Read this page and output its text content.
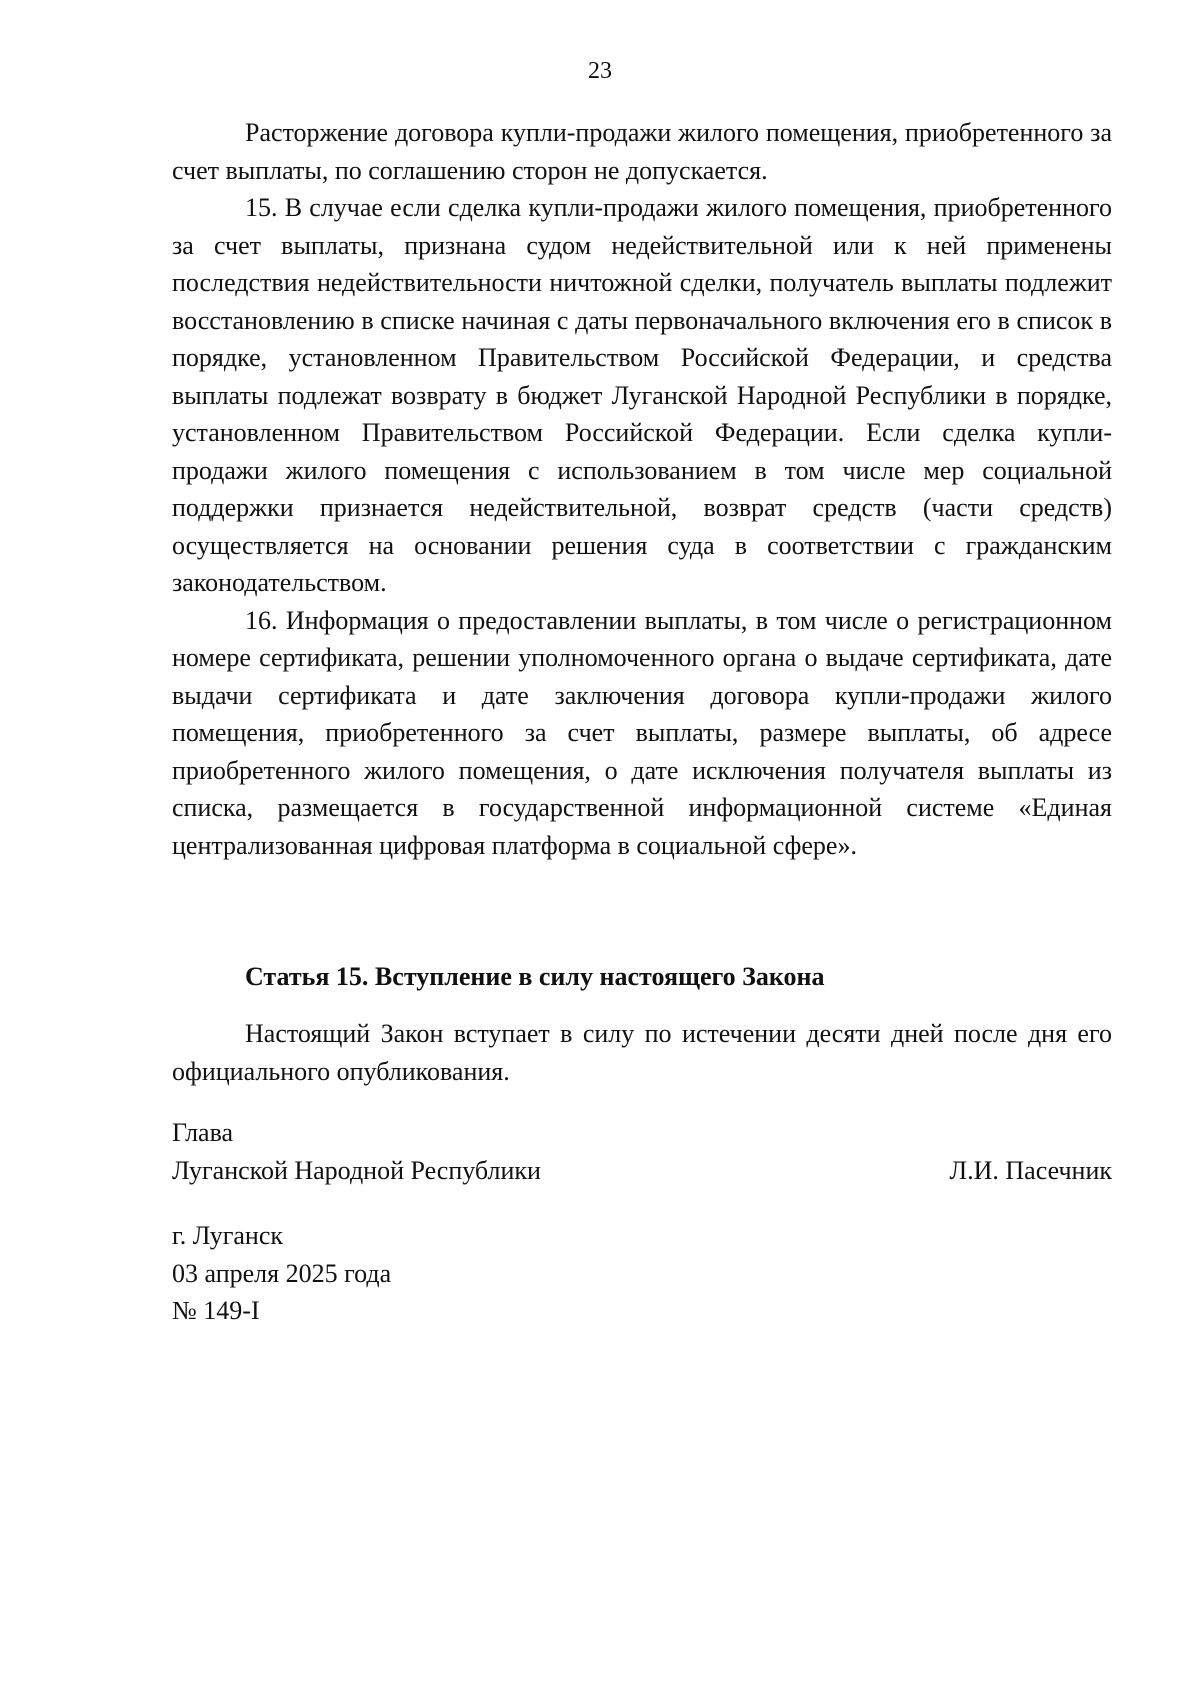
23

Расторжение договора купли-продажи жилого помещения, приобретенного за счет выплаты, по соглашению сторон не допускается.

15. В случае если сделка купли-продажи жилого помещения, приобретенного за счет выплаты, признана судом недействительной или к ней применены последствия недействительности ничтожной сделки, получатель выплаты подлежит восстановлению в списке начиная с даты первоначального включения его в список в порядке, установленном Правительством Российской Федерации, и средства выплаты подлежат возврату в бюджет Луганской Народной Республики в порядке, установленном Правительством Российской Федерации. Если сделка купли-продажи жилого помещения с использованием в том числе мер социальной поддержки признается недействительной, возврат средств (части средств) осуществляется на основании решения суда в соответствии с гражданским законодательством.

16. Информация о предоставлении выплаты, в том числе о регистрационном номере сертификата, решении уполномоченного органа о выдаче сертификата, дате выдачи сертификата и дате заключения договора купли-продажи жилого помещения, приобретенного за счет выплаты, размере выплаты, об адресе приобретенного жилого помещения, о дате исключения получателя выплаты из списка, размещается в государственной информационной системе «Единая централизованная цифровая платформа в социальной сфере».

Статья 15. Вступление в силу настоящего Закона

Настоящий Закон вступает в силу по истечении десяти дней после дня его официального опубликования.

Глава
Луганской Народной Республики	Л.И. Пасечник
г. Луганск
03 апреля 2025 года
№ 149-I
